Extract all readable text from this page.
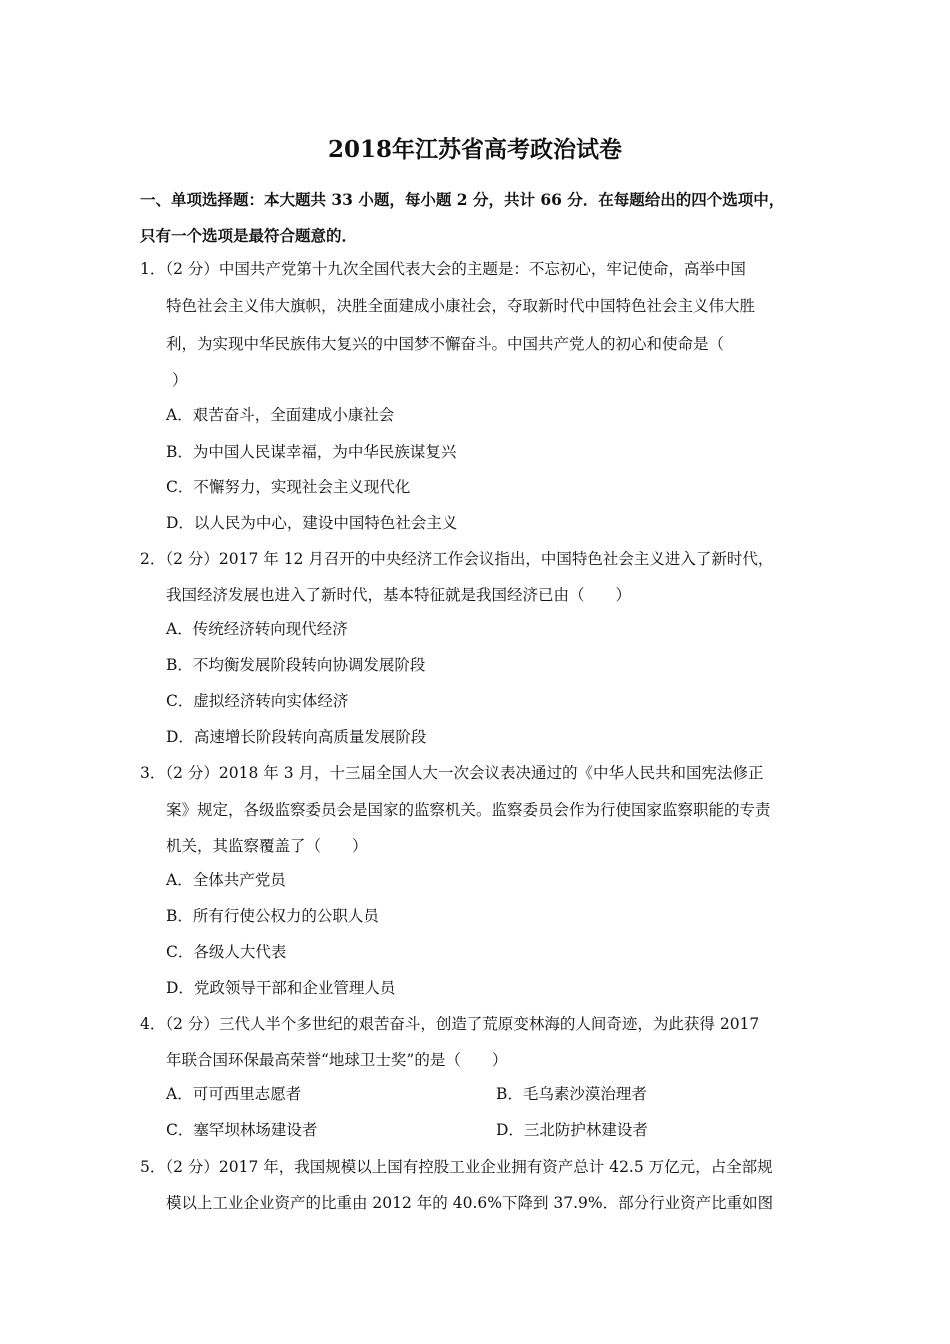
2018年江苏省高考政治试卷
一、单项选择题：本大题共 33 小题，每小题 2 分，共计 66 分．在每题给出的四个选项中，
只有一个选项是最符合题意的．
1．（2 分）中国共产党第十九次全国代表大会的主题是：不忘初心，牢记使命，高举中国
特色社会主义伟大旗帜，决胜全面建成小康社会，夺取新时代中国特色社会主义伟大胜
利，为实现中华民族伟大复兴的中国梦不懈奋斗。中国共产党人的初心和使命是（
）
A．艰苦奋斗，全面建成小康社会
B．为中国人民谋幸福，为中华民族谋复兴
C．不懈努力，实现社会主义现代化
D．以人民为中心，建设中国特色社会主义
2．（2 分）2017 年 12 月召开的中央经济工作会议指出，中国特色社会主义进入了新时代，
我国经济发展也进入了新时代，基本特征就是我国经济已由（　　）
A．传统经济转向现代经济
B．不均衡发展阶段转向协调发展阶段
C．虚拟经济转向实体经济
D．高速增长阶段转向高质量发展阶段
3．（2 分）2018 年 3 月，十三届全国人大一次会议表决通过的《中华人民共和国宪法修正
案》规定，各级监察委员会是国家的监察机关。监察委员会作为行使国家监察职能的专责
机关，其监察覆盖了（　　）
A．全体共产党员
B．所有行使公权力的公职人员
C．各级人大代表
D．党政领导干部和企业管理人员
4．（2 分）三代人半个多世纪的艰苦奋斗，创造了荒原变林海的人间奇迹，为此获得 2017
年联合国环保最高荣誉“地球卫士奖”的是（　　）
A．可可西里志愿者	B．毛乌素沙漠治理者
C．塞罕坝林场建设者	D．三北防护林建设者
5．（2 分）2017 年，我国规模以上国有控股工业企业拥有资产总计 42.5 万亿元，占全部规
模以上工业企业资产的比重由 2012 年的 40.6%下降到 37.9%．部分行业资产比重如图
